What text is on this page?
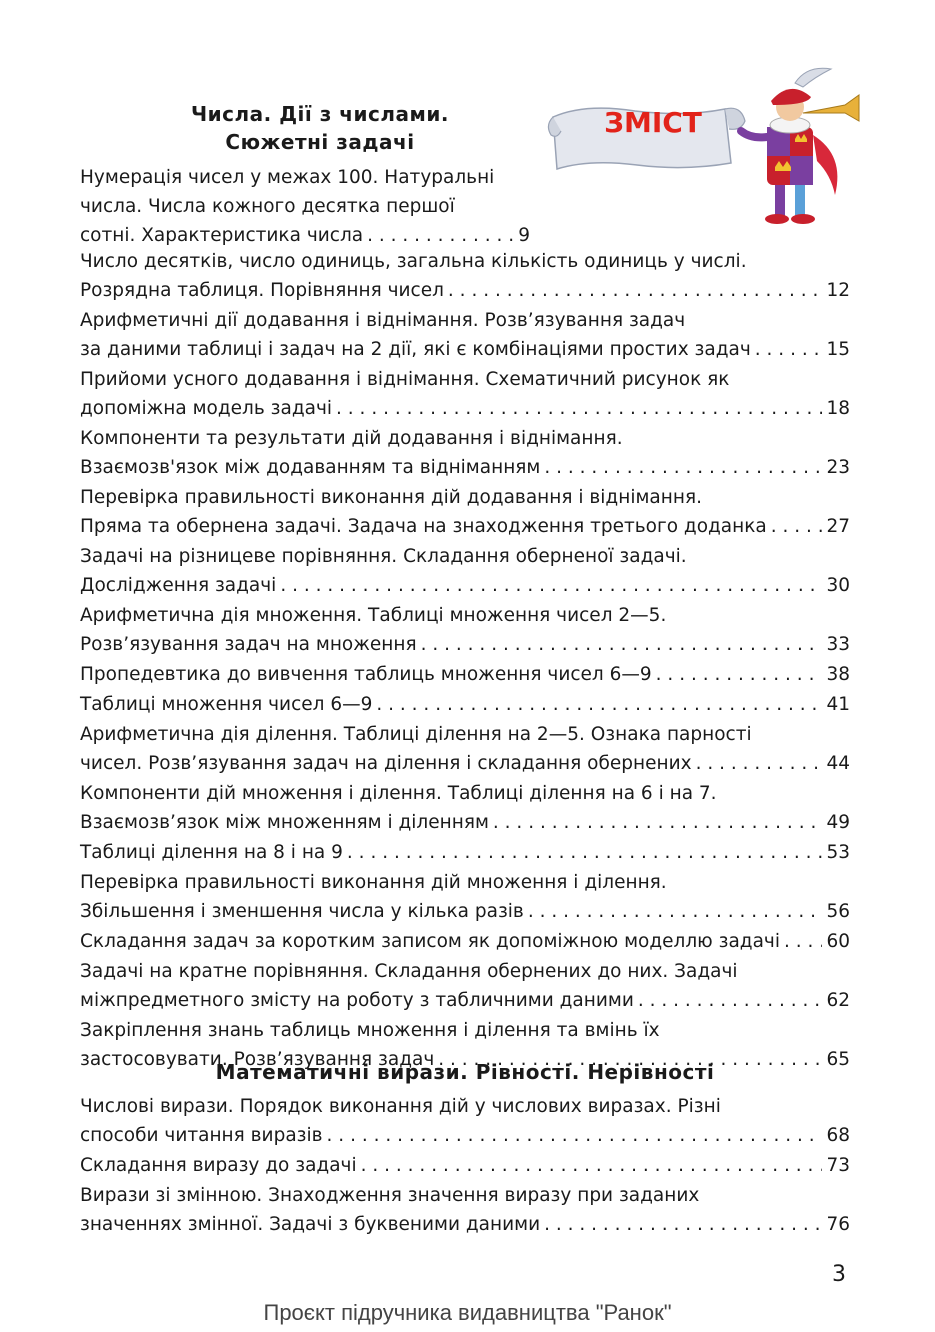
Числа. Дії з числами.
Сюжетні задачі
ЗМІСТ
Нумерація чисел у межах 100. Натуральні
числа. Числа кожного десятка першої
сотні. Характеристика числа . . .	9
Число десятків, число одиниць, загальна кількість одиниць у числі.
Розрядна таблиця. Порівняння чисел . . .	12
Арифметичні дії додавання і віднімання. Розв’язування задач
за даними таблиці і задач на 2 дії, які є комбінаціями простих задач . . .	15
Прийоми усного додавання і віднімання. Схематичний рисунок як
допоміжна модель задачі . . .	18
Компоненти та результати дій додавання і віднімання.
Взаємозв'язок між додаванням та відніманням . . .	23
Перевірка правильності виконання дій додавання і віднімання.
Пряма та обернена задачі. Задача на знаходження третього доданка . . .	27
Задачі на різницеве порівняння. Складання оберненої задачі.
Дослідження задачі . . .	30
Арифметична дія множення. Таблиці множення чисел 2—5.
Розв’язування задач на множення . . .	33
Пропедевтика до вивчення таблиць множення чисел 6—9 . . .	38
Таблиці множення чисел 6—9 . . .	41
Арифметична дія ділення. Таблиці ділення на 2—5. Ознака парності
чисел. Розв’язування задач на ділення і складання обернених . . .	44
Компоненти дій множення і ділення. Таблиці ділення на 6 і на 7.
Взаємозв’язок між множенням і діленням . . .	49
Таблиці ділення на 8 і на 9 . . .	53
Перевірка правильності виконання дій множення і ділення.
Збільшення і зменшення числа у кілька разів . . .	56
Складання задач за коротким записом як допоміжною моделлю задачі . . .	60
Задачі на кратне порівняння. Складання обернених до них. Задачі
міжпредметного змісту на роботу з табличними даними . . .	62
Закріплення знань таблиць множення і ділення та вмінь їх
застосовувати. Розв’язування задач . . .	65
Математичні вирази. Рівності. Нерівності
Числові вирази. Порядок виконання дій у числових виразах. Різні
способи читання виразів . . .	68
Складання виразу до задачі . . .	73
Вирази зі змінною. Знаходження значення виразу при заданих
значеннях змінної. Задачі з буквеними даними . . .	76
3
Проєкт підручника видавництва "Ранок"
